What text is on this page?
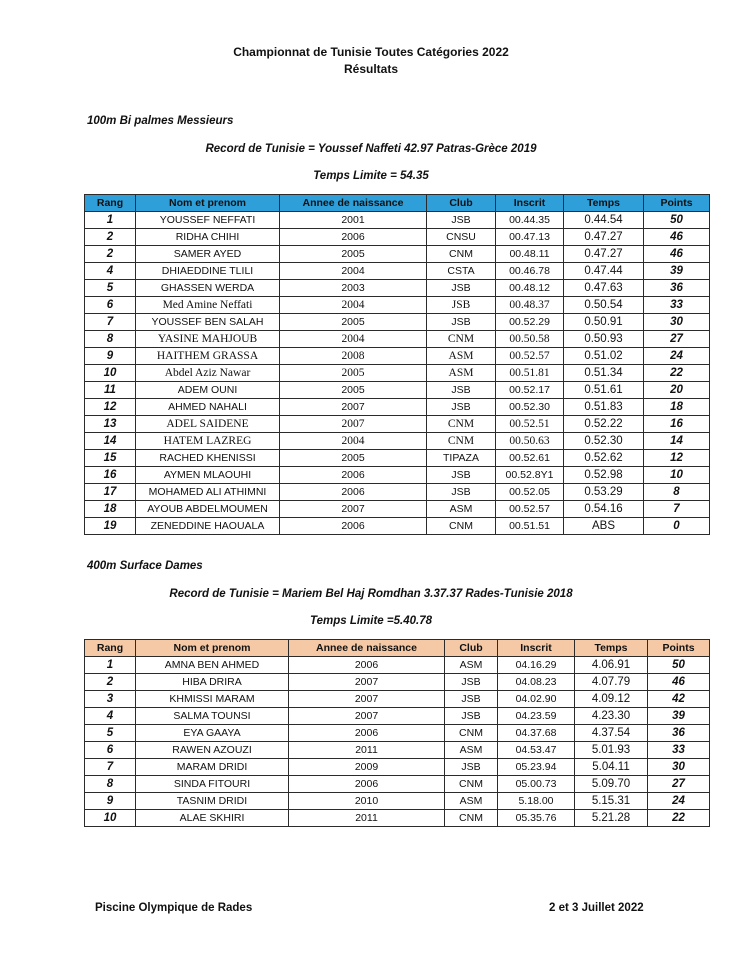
Championnat de Tunisie Toutes Catégories 2022
Résultats
100m Bi palmes Messieurs
Record de Tunisie = Youssef Naffeti 42.97 Patras-Grèce 2019
Temps Limite = 54.35
Rang	Nom et prenom	Annee de naissance	Club	Inscrit	Temps	Points
1	YOUSSEF NEFFATI	2001	JSB	00.44.35	0.44.54	50
2	RIDHA CHIHI	2006	CNSU	00.47.13	0.47.27	46
2	SAMER AYED	2005	CNM	00.48.11	0.47.27	46
4	DHIAEDDINE TLILI	2004	CSTA	00.46.78	0.47.44	39
5	GHASSEN WERDA	2003	JSB	00.48.12	0.47.63	36
6	Med Amine Neffati	2004	JSB	00.48.37	0.50.54	33
7	YOUSSEF BEN SALAH	2005	JSB	00.52.29	0.50.91	30
8	YASINE MAHJOUB	2004	CNM	00.50.58	0.50.93	27
9	HAITHEM GRASSA	2008	ASM	00.52.57	0.51.02	24
10	Abdel Aziz Nawar	2005	ASM	00.51.81	0.51.34	22
11	ADEM OUNI	2005	JSB	00.52.17	0.51.61	20
12	AHMED NAHALI	2007	JSB	00.52.30	0.51.83	18
13	ADEL SAIDENE	2007	CNM	00.52.51	0.52.22	16
14	HATEM LAZREG	2004	CNM	00.50.63	0.52.30	14
15	RACHED KHENISSI	2005	TIPAZA	00.52.61	0.52.62	12
16	AYMEN MLAOUHI	2006	JSB	00.52.8Y1	0.52.98	10
17	MOHAMED ALI ATHIMNI	2006	JSB	00.52.05	0.53.29	8
18	AYOUB ABDELMOUMEN	2007	ASM	00.52.57	0.54.16	7
19	ZENEDDINE HAOUALA	2006	CNM	00.51.51	ABS	0
400m Surface Dames
Record de Tunisie = Mariem Bel Haj Romdhan 3.37.37 Rades-Tunisie 2018
Temps Limite =5.40.78
Rang	Nom et prenom	Annee de naissance	Club	Inscrit	Temps	Points
1	AMNA BEN AHMED	2006	ASM	04.16.29	4.06.91	50
2	HIBA DRIRA	2007	JSB	04.08.23	4.07.79	46
3	KHMISSI MARAM	2007	JSB	04.02.90	4.09.12	42
4	SALMA TOUNSI	2007	JSB	04.23.59	4.23.30	39
5	EYA GAAYA	2006	CNM	04.37.68	4.37.54	36
6	RAWEN AZOUZI	2011	ASM	04.53.47	5.01.93	33
7	MARAM DRIDI	2009	JSB	05.23.94	5.04.11	30
8	SINDA FITOURI	2006	CNM	05.00.73	5.09.70	27
9	TASNIM DRIDI	2010	ASM	5.18.00	5.15.31	24
10	ALAE SKHIRI	2011	CNM	05.35.76	5.21.28	22
Piscine Olympique de Rades	2 et 3 Juillet 2022
